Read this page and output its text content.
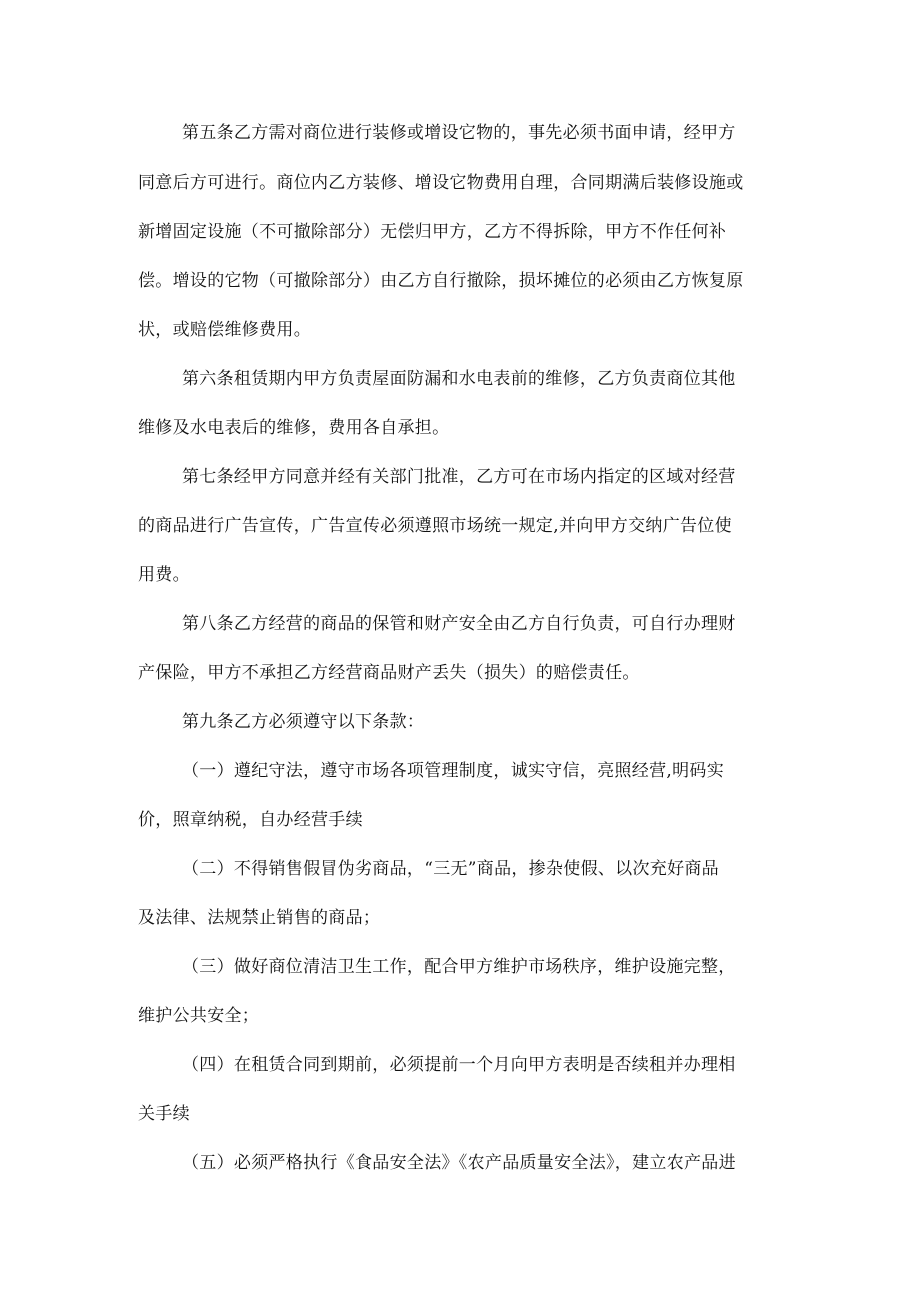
第五条乙方需对商位进行装修或增设它物的，事先必须书面申请，经甲方
同意后方可进行。商位内乙方装修、增设它物费用自理，合同期满后装修设施或
新增固定设施（不可撤除部分）无偿归甲方，乙方不得拆除，甲方不作任何补
偿。增设的它物（可撤除部分）由乙方自行撤除，损坏摊位的必须由乙方恢复原
状，或赔偿维修费用。
第六条租赁期内甲方负责屋面防漏和水电表前的维修，乙方负责商位其他
维修及水电表后的维修，费用各自承担。
第七条经甲方同意并经有关部门批准，乙方可在市场内指定的区域对经营
的商品进行广告宣传，广告宣传必须遵照市场统一规定,并向甲方交纳广告位使
用费。
第八条乙方经营的商品的保管和财产安全由乙方自行负责，可自行办理财
产保险，甲方不承担乙方经营商品财产丢失（损失）的赔偿责任。
第九条乙方必须遵守以下条款：
（一）遵纪守法，遵守市场各项管理制度，诚实守信，亮照经营,明码实
价，照章纳税，自办经营手续
（二）不得销售假冒伪劣商品，“三无”商品，掺杂使假、以次充好商品
及法律、法规禁止销售的商品；
（三）做好商位清洁卫生工作，配合甲方维护市场秩序，维护设施完整，
维护公共安全；
（四）在租赁合同到期前，必须提前一个月向甲方表明是否续租并办理相
关手续
（五）必须严格执行《食品安全法》《农产品质量安全法》，建立农产品进
